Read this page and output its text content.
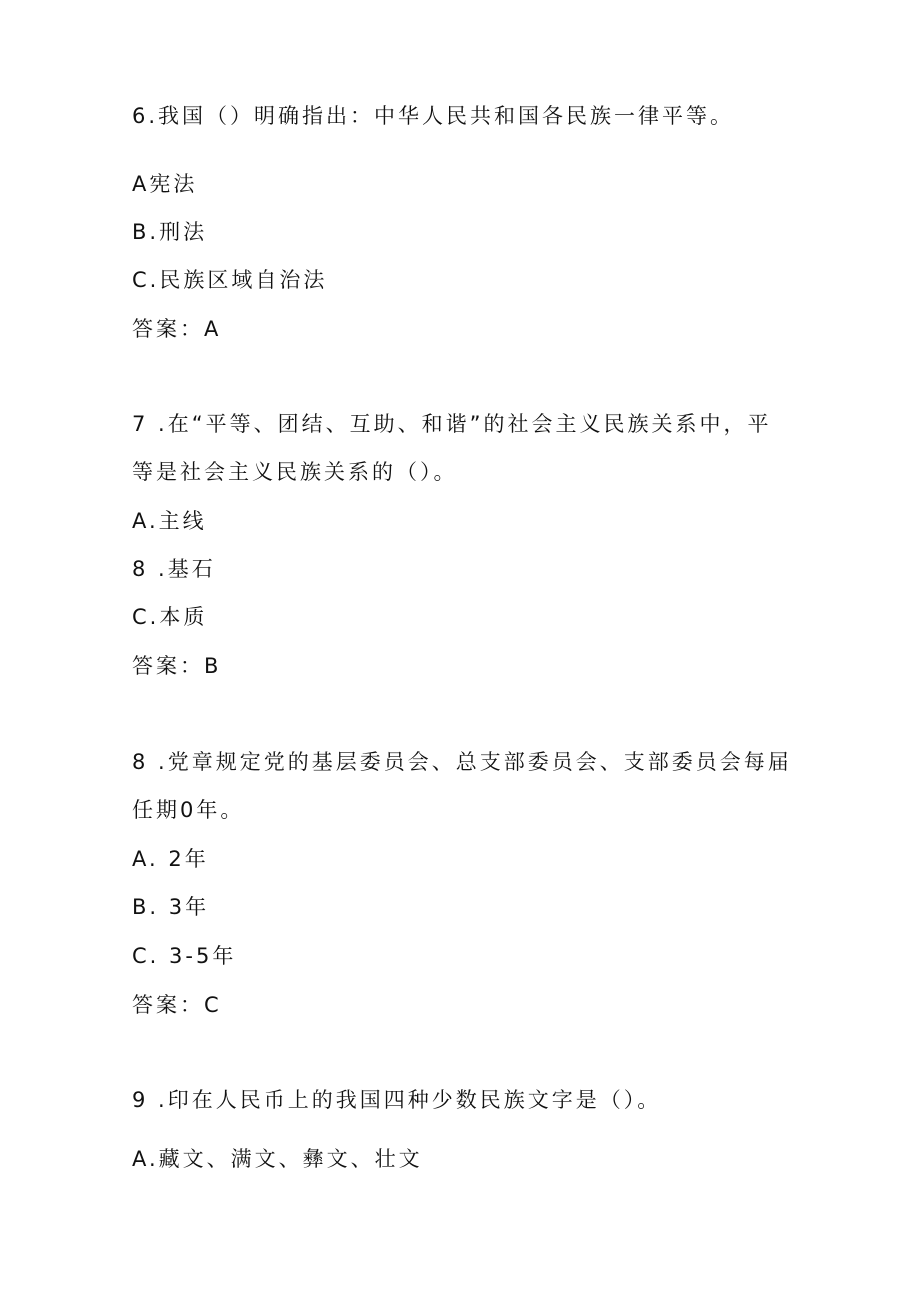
6.我国（）明确指出：中华人民共和国各民族一律平等。
A宪法
B.刑法
C.民族区域自治法
答案：A
7 .在“平等、团结、互助、和谐”的社会主义民族关系中，平
等是社会主义民族关系的（）。
A.主线
8 .基石
C.本质
答案：B
8 .党章规定党的基层委员会、总支部委员会、支部委员会每届
任期0年。
A. 2年
B. 3年
C. 3-5年
答案：C
9 .印在人民币上的我国四种少数民族文字是（）。
A.藏文、满文、彝文、壮文
